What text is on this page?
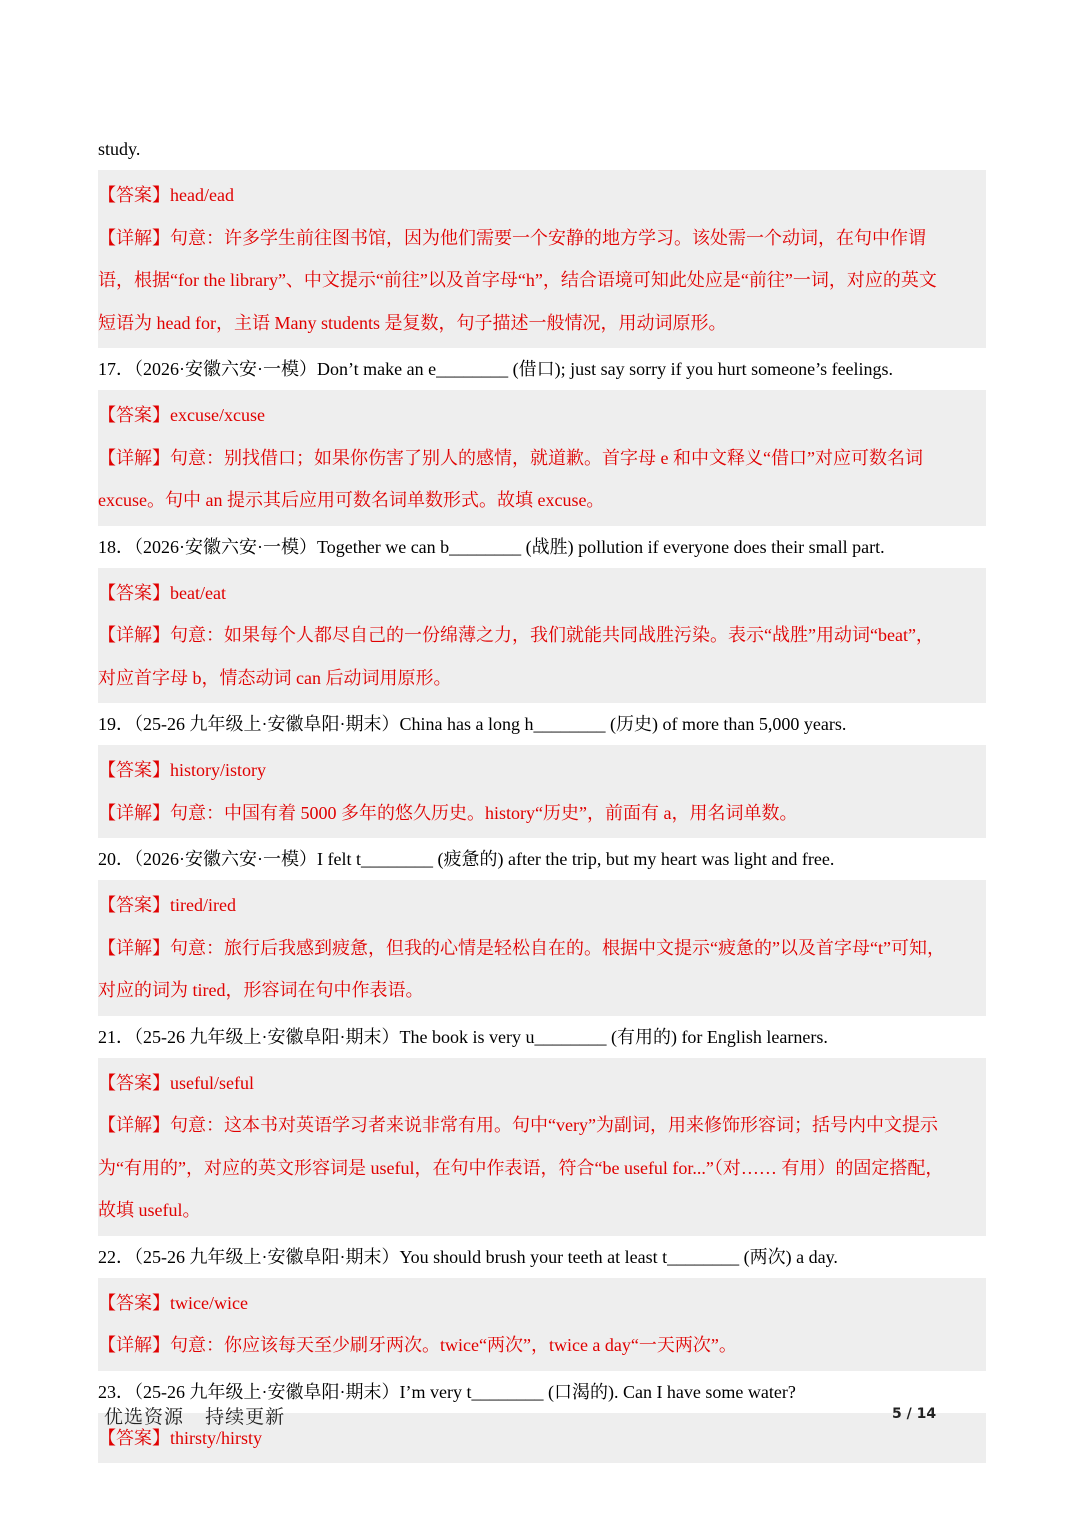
study.
【答案】head/ead
【详解】句意：许多学生前往图书馆，因为他们需要一个安静的地方学习。该处需一个动词，在句中作谓
语，根据“for the library”、中文提示“前往”以及首字母“h”，结合语境可知此处应是“前往”一词，对应的英文
短语为 head for，主语 Many students 是复数，句子描述一般情况，用动词原形。
17．（2026·安徽六安·一模）Don’t make an e________ (借口); just say sorry if you hurt someone’s feelings.
【答案】excuse/xcuse
【详解】句意：别找借口；如果你伤害了别人的感情，就道歉。首字母 e 和中文释义“借口”对应可数名词
excuse。句中 an 提示其后应用可数名词单数形式。故填 excuse。
18．（2026·安徽六安·一模）Together we can b________ (战胜) pollution if everyone does their small part.
【答案】beat/eat
【详解】句意：如果每个人都尽自己的一份绵薄之力，我们就能共同战胜污染。表示“战胜”用动词“beat”，
对应首字母 b，情态动词 can 后动词用原形。
19．（25-26 九年级上·安徽阜阳·期末）China has a long h________ (历史) of more than 5,000 years.
【答案】history/istory
【详解】句意：中国有着 5000 多年的悠久历史。history“历史”，前面有 a，用名词单数。
20．（2026·安徽六安·一模）I felt t________ (疲惫的) after the trip, but my heart was light and free.
【答案】tired/ired
【详解】句意：旅行后我感到疲惫，但我的心情是轻松自在的。根据中文提示“疲惫的”以及首字母“t”可知，
对应的词为 tired，形容词在句中作表语。
21．（25-26 九年级上·安徽阜阳·期末）The book is very u________ (有用的) for English learners.
【答案】useful/seful
【详解】句意：这本书对英语学习者来说非常有用。句中“very”为副词，用来修饰形容词；括号内中文提示
为“有用的”，对应的英文形容词是 useful，在句中作表语，符合“be useful for...”（对…… 有用）的固定搭配，
故填 useful。
22．（25-26 九年级上·安徽阜阳·期末）You should brush your teeth at least t________ (两次) a day.
【答案】twice/wice
【详解】句意：你应该每天至少刷牙两次。twice“两次”，twice a day“一天两次”。
23．（25-26 九年级上·安徽阜阳·期末）I’m very t________ (口渴的). Can I have some water?
【答案】thirsty/hirsty
优选资源   持续更新	5 / 14
